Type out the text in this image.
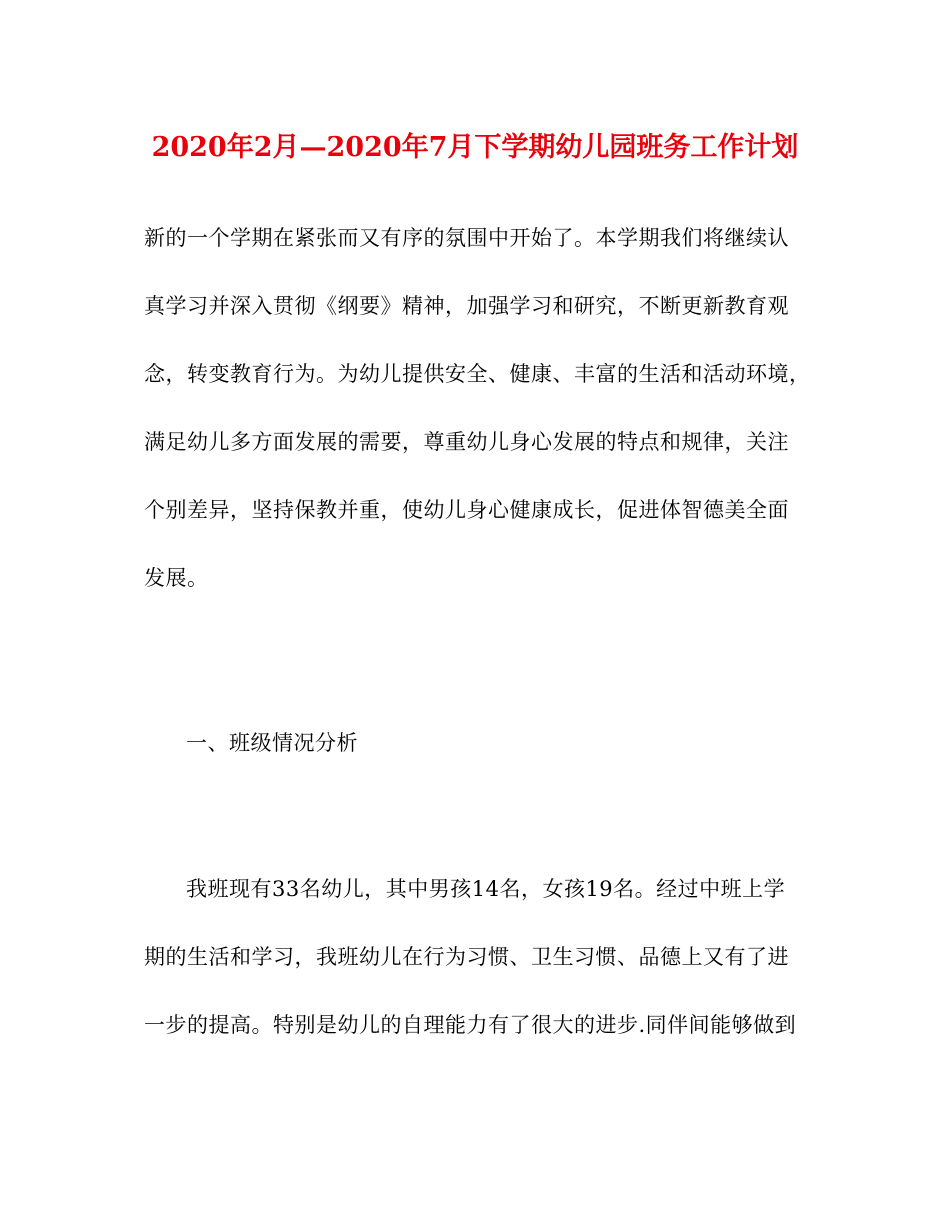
2020年2月—2020年7月下学期幼儿园班务工作计划
新的一个学期在紧张而又有序的氛围中开始了。本学期我们将继续认
真学习并深入贯彻《纲要》精神，加强学习和研究，不断更新教育观
念，转变教育行为。为幼儿提供安全、健康、丰富的生活和活动环境，
满足幼儿多方面发展的需要，尊重幼儿身心发展的特点和规律，关注
个别差异，坚持保教并重，使幼儿身心健康成长，促进体智德美全面
发展。
一、班级情况分析
我班现有33名幼儿，其中男孩14名，女孩19名。经过中班上学
期的生活和学习，我班幼儿在行为习惯、卫生习惯、品德上又有了进
一步的提高。特别是幼儿的自理能力有了很大的进步.同伴间能够做到
